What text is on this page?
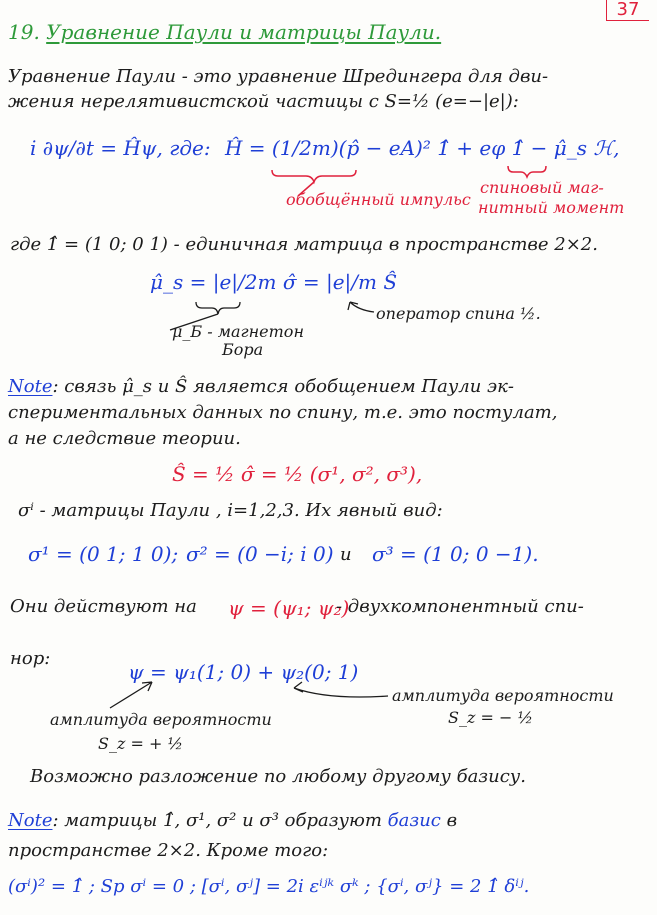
37
19. Уравнение Паули и матрицы Паули.
Уравнение Паули - это уравнение Шредингера для дви-
жения нерелятивистской частицы с S=½ (e=−|e|):
i ∂ψ/∂t = Ĥψ, где: Ĥ = (1/2m)(p̂ − eA)² 1̂ + eφ 1̂ − μ̂_s ℋ,
обобщённый импульс
спиновый маг-
нитный момент
где 1̂ = (1 0; 0 1) - единичная матрица в пространстве 2×2.
μ̂_s = |e|/2m σ̂ = |e|/m Ŝ
оператор спина ½.
μ_Б - магнетон
Бора
Note: связь μ̂_s и Ŝ является обобщением Паули эк-
спериментальных данных по спину, т.е. это постулат,
а не следствие теории.
Ŝ = ½ σ̂ = ½ (σ¹, σ², σ³),
σⁱ - матрицы Паули , i=1,2,3. Их явный вид:
σ¹ = (0 1; 1 0); σ² = (0 −i; i 0) и σ³ = (1 0; 0 −1).
Они действуют на ψ = (ψ₁; ψ₂)
- двухкомпонентный спи-
нор:
ψ = ψ₁(1; 0) + ψ₂(0; 1)
амплитуда вероятности
S_z = − ½
амплитуда вероятности
S_z = + ½
Возможно разложение по любому другому базису.
Note: матрицы 1̂, σ¹, σ² и σ³ образуют базис в
пространстве 2×2. Кроме того:
(σⁱ)² = 1̂ ; Sp σⁱ = 0 ; [σⁱ, σʲ] = 2i εⁱʲᵏ σᵏ ; {σⁱ, σʲ} = 2 1̂ δⁱʲ.
